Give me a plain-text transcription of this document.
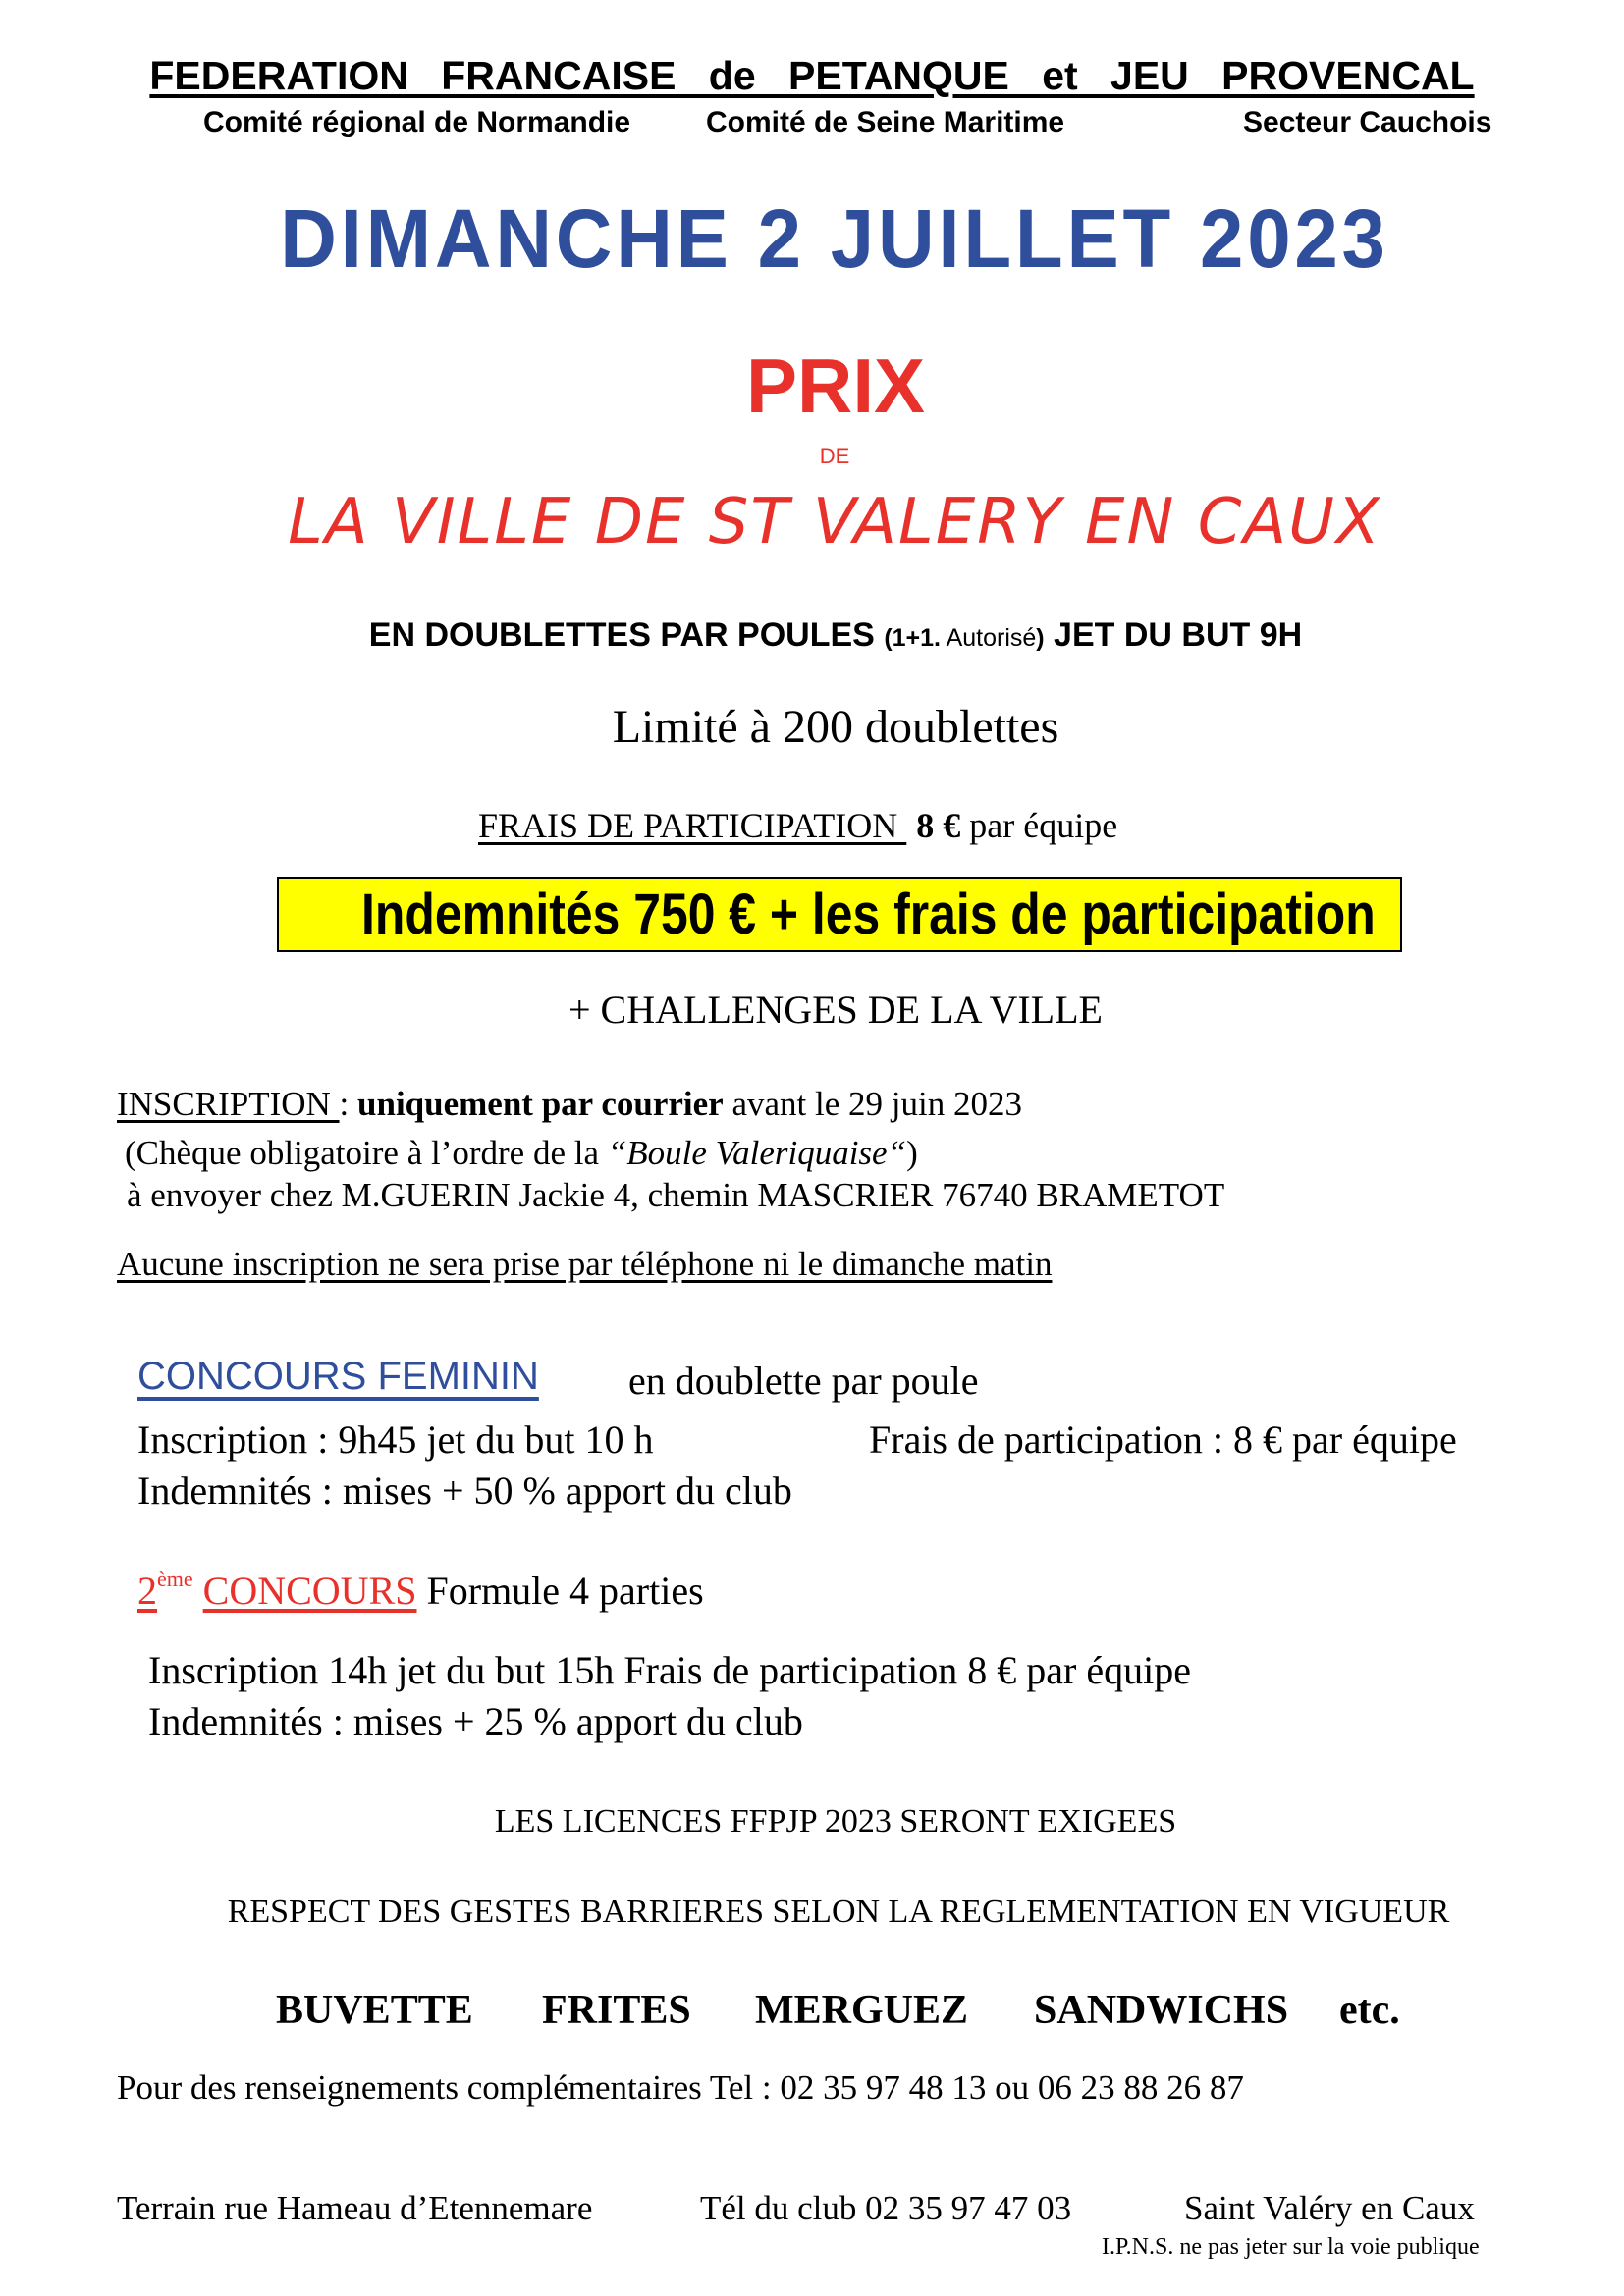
FEDERATION FRANCAISE de PETANQUE et JEU PROVENCAL
Comité régional de Normandie	Comité de Seine Maritime	Secteur Cauchois
DIMANCHE 2 JUILLET 2023
PRIX
DE
LA VILLE DE ST VALERY EN CAUX
EN DOUBLETTES PAR POULES (1+1. Autorisé) JET DU BUT 9H
Limité à 200 doublettes
FRAIS DE PARTICIPATION 8 € par équipe
Indemnités 750 € + les frais de participation
+ CHALLENGES DE LA VILLE
INSCRIPTION : uniquement par courrier avant le 29 juin 2023
(Chèque obligatoire à l’ordre de la “Boule Valeriquaise“)
à envoyer chez M.GUERIN Jackie 4, chemin MASCRIER 76740 BRAMETOT
Aucune inscription ne sera prise par téléphone ni le dimanche matin
CONCOURS FEMININ en doublette par poule
Inscription : 9h45 jet du but 10 h	Frais de participation : 8 € par équipe
Indemnités : mises + 50 % apport du club
2ème CONCOURS Formule 4 parties
Inscription 14h jet du but 15h Frais de participation 8 € par équipe
Indemnités : mises + 25 % apport du club
LES LICENCES FFPJP 2023 SERONT EXIGEES
RESPECT DES GESTES BARRIERES SELON LA REGLEMENTATION EN VIGUEUR
BUVETTE FRITES MERGUEZ SANDWICHS etc.
Pour des renseignements complémentaires Tel : 02 35 97 48 13 ou 06 23 88 26 87
Terrain rue Hameau d’Etennemare	Tél du club 02 35 97 47 03	Saint Valéry en Caux
I.P.N.S. ne pas jeter sur la voie publique
